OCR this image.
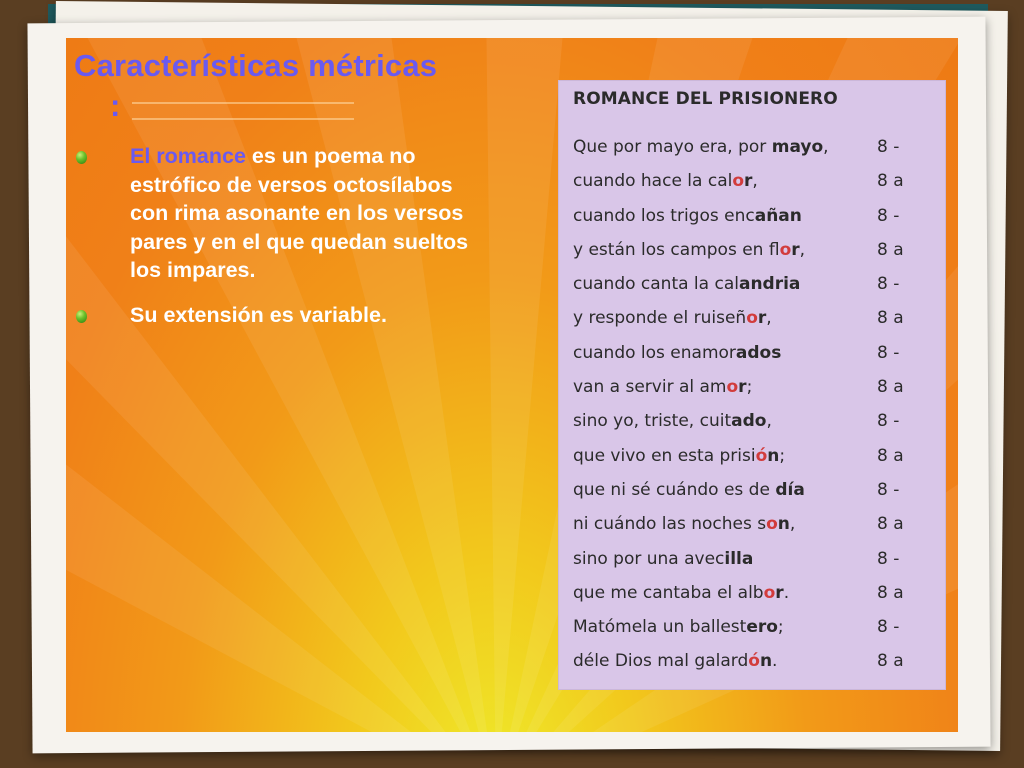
Características métricas
:
El romance es un poema no estrófico de versos octosílabos con rima asonante en los versos pares y en el que quedan sueltos los impares.
Su extensión es variable.
ROMANCE DEL PRISIONERO
Que por mayo era, por mayo,	8 -
cuando hace la calor,	8 a
cuando los trigos encañan	8 -
y están los campos en flor,	8 a
cuando canta la calandria	8 -
y responde el ruiseñor,	8 a
cuando los enamorados	8 -
van a servir al amor;	8 a
sino yo, triste, cuitado,	8 -
que vivo en esta prisión;	8 a
que ni sé cuándo es de día	8 -
ni cuándo las noches son,	8 a
sino por una avecilla	8 -
que me cantaba el albor.	8 a
Matómela un ballestero;	8 -
déle Dios mal galardón.	8 a
